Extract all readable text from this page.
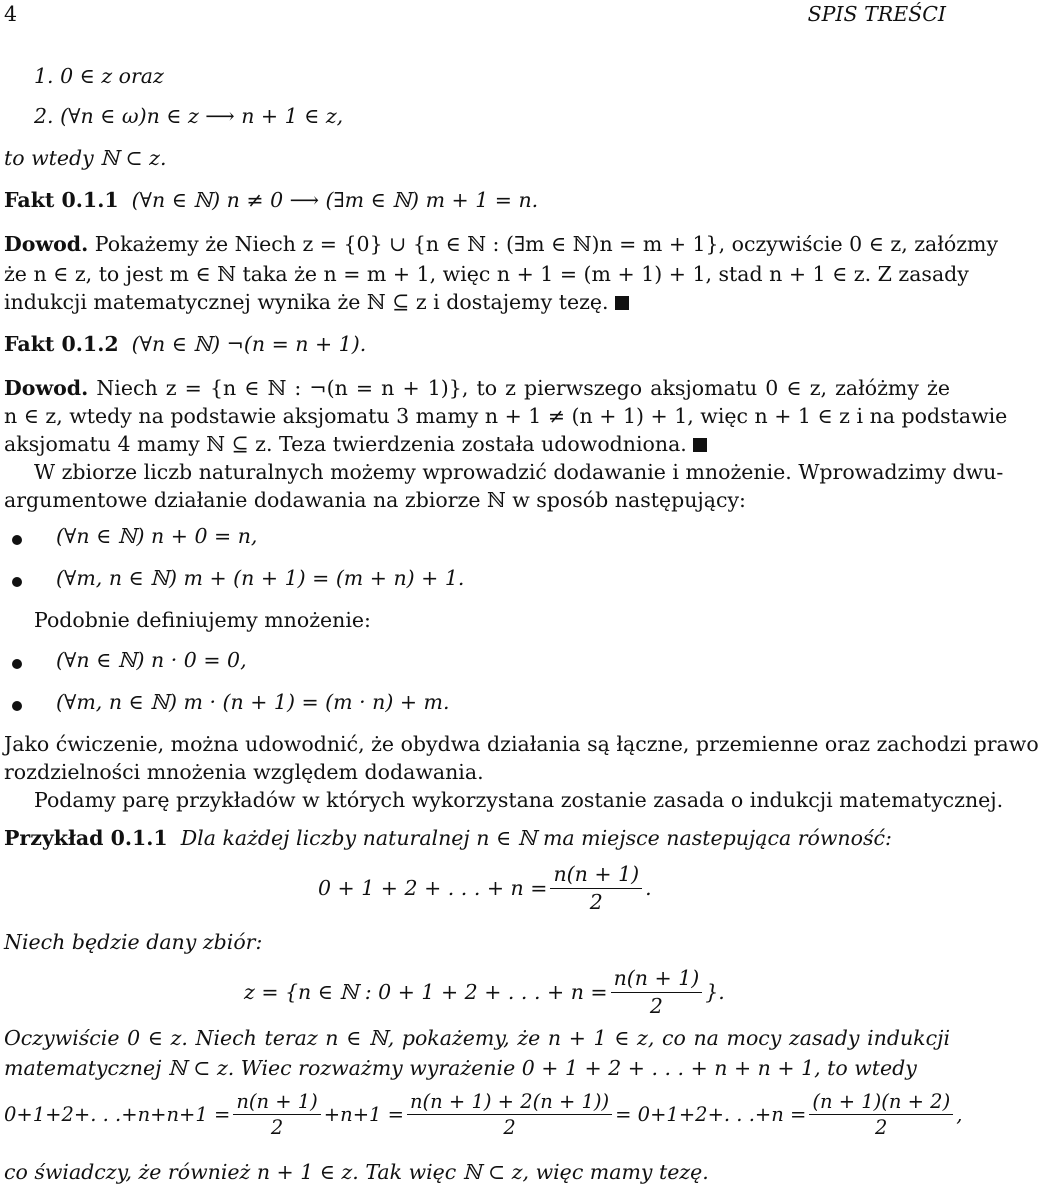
4	SPIS TREŚCI
1. 0 ∈ z oraz
2. (∀n ∈ ω)n ∈ z ⟶ n + 1 ∈ z,
to wtedy ℕ ⊂ z.
Fakt 0.1.1 (∀n ∈ ℕ) n ≠ 0 ⟶ (∃m ∈ ℕ) m + 1 = n.
Dowod. Pokażemy że Niech z = {0} ∪ {n ∈ ℕ : (∃m ∈ ℕ)n = m + 1}, oczywiście 0 ∈ z, załózmy
że n ∈ z, to jest m ∈ ℕ taka że n = m + 1, więc n + 1 = (m + 1) + 1, stad n + 1 ∈ z. Z zasady
indukcji matematycznej wynika że ℕ ⊆ z i dostajemy tezę.
Fakt 0.1.2 (∀n ∈ ℕ) ¬(n = n + 1).
Dowod. Niech z = {n ∈ ℕ : ¬(n = n + 1)}, to z pierwszego aksjomatu 0 ∈ z, załóżmy że
n ∈ z, wtedy na podstawie aksjomatu 3 mamy n + 1 ≠ (n + 1) + 1, więc n + 1 ∈ z i na podstawie
aksjomatu 4 mamy ℕ ⊆ z. Teza twierdzenia została udowodniona.
W zbiorze liczb naturalnych możemy wprowadzić dodawanie i mnożenie. Wprowadzimy dwu-
argumentowe działanie dodawania na zbiorze ℕ w sposób następujący:
(∀n ∈ ℕ) n + 0 = n,
(∀m, n ∈ ℕ) m + (n + 1) = (m + n) + 1.
Podobnie definiujemy mnożenie:
(∀n ∈ ℕ) n · 0 = 0,
(∀m, n ∈ ℕ) m · (n + 1) = (m · n) + m.
Jako ćwiczenie, można udowodnić, że obydwa działania są łączne, przemienne oraz zachodzi prawo
rozdzielności mnożenia względem dodawania.
Podamy parę przykładów w których wykorzystana zostanie zasada o indukcji matematycznej.
Przykład 0.1.1 Dla każdej liczby naturalnej n ∈ ℕ ma miejsce nastepująca równość:
0 + 1 + 2 + . . . + $n = \frac{n(n + 1)}{2}$ .
Niech będzie dany zbiór:
z = {n ∈ ℕ : 0 + 1 + 2 + . . . + $n = \frac{n(n + 1)}{2}$ }.
Oczywiście 0 ∈ z. Niech teraz n ∈ ℕ, pokażemy, że n + 1 ∈ z, co na mocy zasady indukcji
matematycznej ℕ ⊂ z. Wiec rozważmy wyrażenie 0 + 1 + 2 + . . . + n + n + 1, to wtedy
0+1+2+. . $.+n+n+1 = \frac{n(n + 1)}{2} +n+1 = \frac{n(n + 1) + 2(n + 1))}{2} = 0+1+2+$. . $.+n = \frac{(n + 1)(n + 2)}{2}$ ,
co świadczy, że również n + 1 ∈ z. Tak więc ℕ ⊂ z, więc mamy tezę.
